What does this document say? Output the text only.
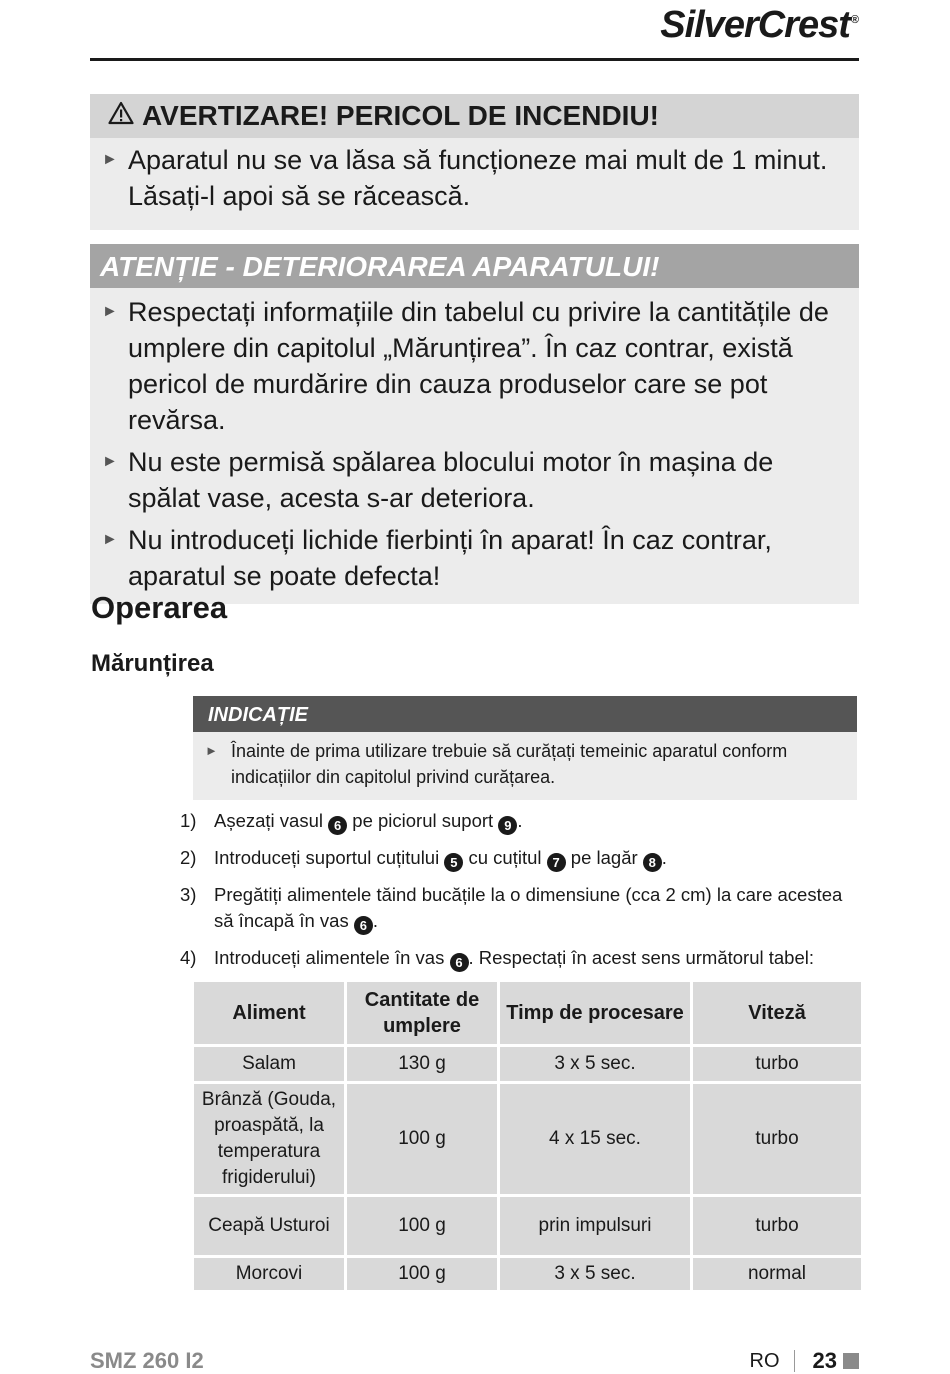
SilverCrest®
AVERTIZARE! PERICOL DE INCENDIU!
► Aparatul nu se va lăsa să funcționeze mai mult de 1 minut. Lăsați-l apoi să se răcească.
ATENȚIE - DETERIORAREA APARATULUI!
► Respectați informațiile din tabelul cu privire la cantitățile de umplere din capitolul „Mărunțirea”. În caz contrar, există pericol de murdărire din cauza produselor care se pot revărsa.
► Nu este permisă spălarea blocului motor în mașina de spălat vase, acesta s-ar deteriora.
► Nu introduceți lichide fierbinți în aparat! În caz contrar, aparatul se poate defecta!
Operarea
Mărunțirea
INDICAȚIE
► Înainte de prima utilizare trebuie să curățați temeinic aparatul conform indicațiilor din capitolul privind curățarea.
1) Așezați vasul 6 pe piciorul suport 9 .
2) Introduceți suportul cuțitului 5 cu cuțitul 7 pe lagăr 8 .
3) Pregătiți alimentele tăind bucățile la o dimensiune (cca 2 cm) la care acestea să încapă în vas 6 .
4) Introduceți alimentele în vas 6 . Respectați în acest sens următorul tabel:
Aliment	Cantitate de umplere	Timp de procesare	Viteză
Salam	130 g	3 x 5 sec.	turbo
Brânză (Gouda, proaspătă, la temperatura frigiderului)	100 g	4 x 15 sec.	turbo
Ceapă Usturoi	100 g	prin impulsuri	turbo
Morcovi	100 g	3 x 5 sec.	normal
SMZ 260 I2	RO 23
